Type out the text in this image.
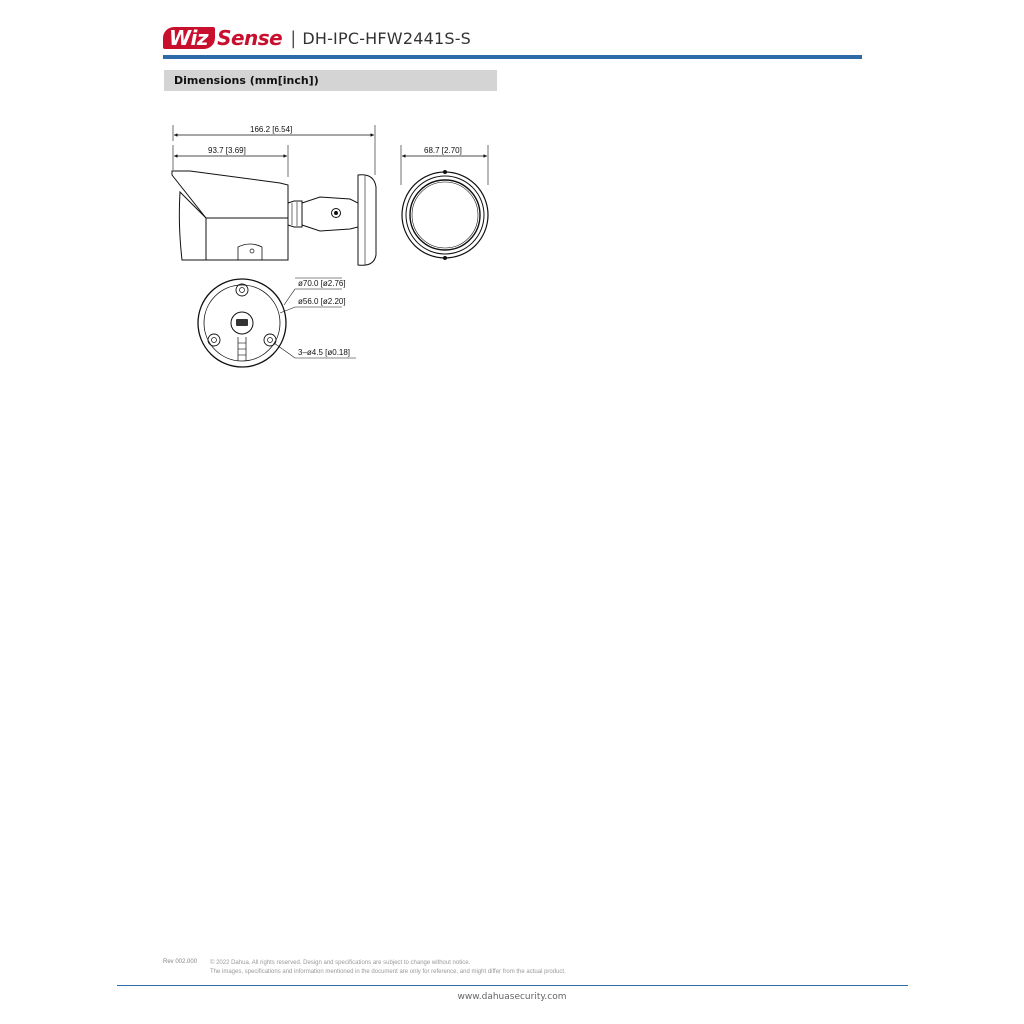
Wiz Sense | DH-IPC-HFW2441S-S
Dimensions (mm[inch])
166.2 [6.54]
93.7 [3.69]	68.7 [2.70]
ø70.0 [ø2.76]
ø56.0 [ø2.20]
3–ø4.5 [ø0.18]
Rev 002.000 © 2022 Dahua. All rights reserved. Design and specifications are subject to change without notice.
The images, specifications and information mentioned in the document are only for reference, and might differ from the actual product.
www.dahuasecurity.com
